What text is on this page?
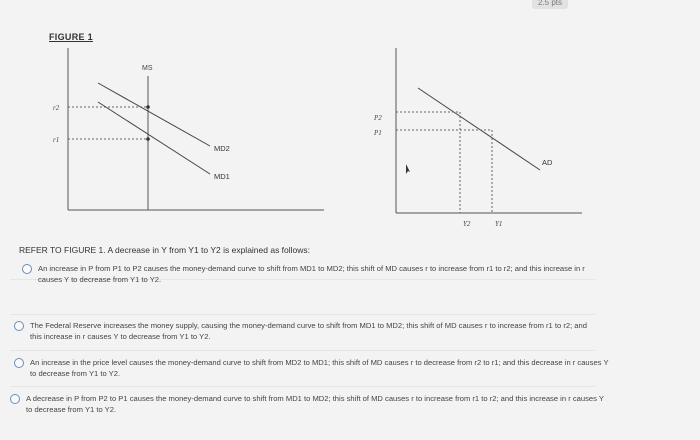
2.5 pts
FIGURE 1
MS
r2
r1
MD2
MD1
P2
P1
AD
Y2	Y1
REFER TO FIGURE 1. A decrease in Y from Y1 to Y2 is explained as follows:
An increase in P from P1 to P2 causes the money-demand curve to shift from MD1 to MD2; this shift of MD causes r to increase from r1 to r2; and this increase in r causes Y to decrease from Y1 to Y2.
The Federal Reserve increases the money supply, causing the money-demand curve to shift from MD1 to MD2; this shift of MD causes r to increase from r1 to r2; and this increase in r causes Y to decrease from Y1 to Y2.
An increase in the price level causes the money-demand curve to shift from MD2 to MD1; this shift of MD causes r to decrease from r2 to r1; and this decrease in r causes Y to decrease from Y1 to Y2.
A decrease in P from P2 to P1 causes the money-demand curve to shift from MD1 to MD2; this shift of MD causes r to increase from r1 to r2; and this increase in r causes Y to decrease from Y1 to Y2.
